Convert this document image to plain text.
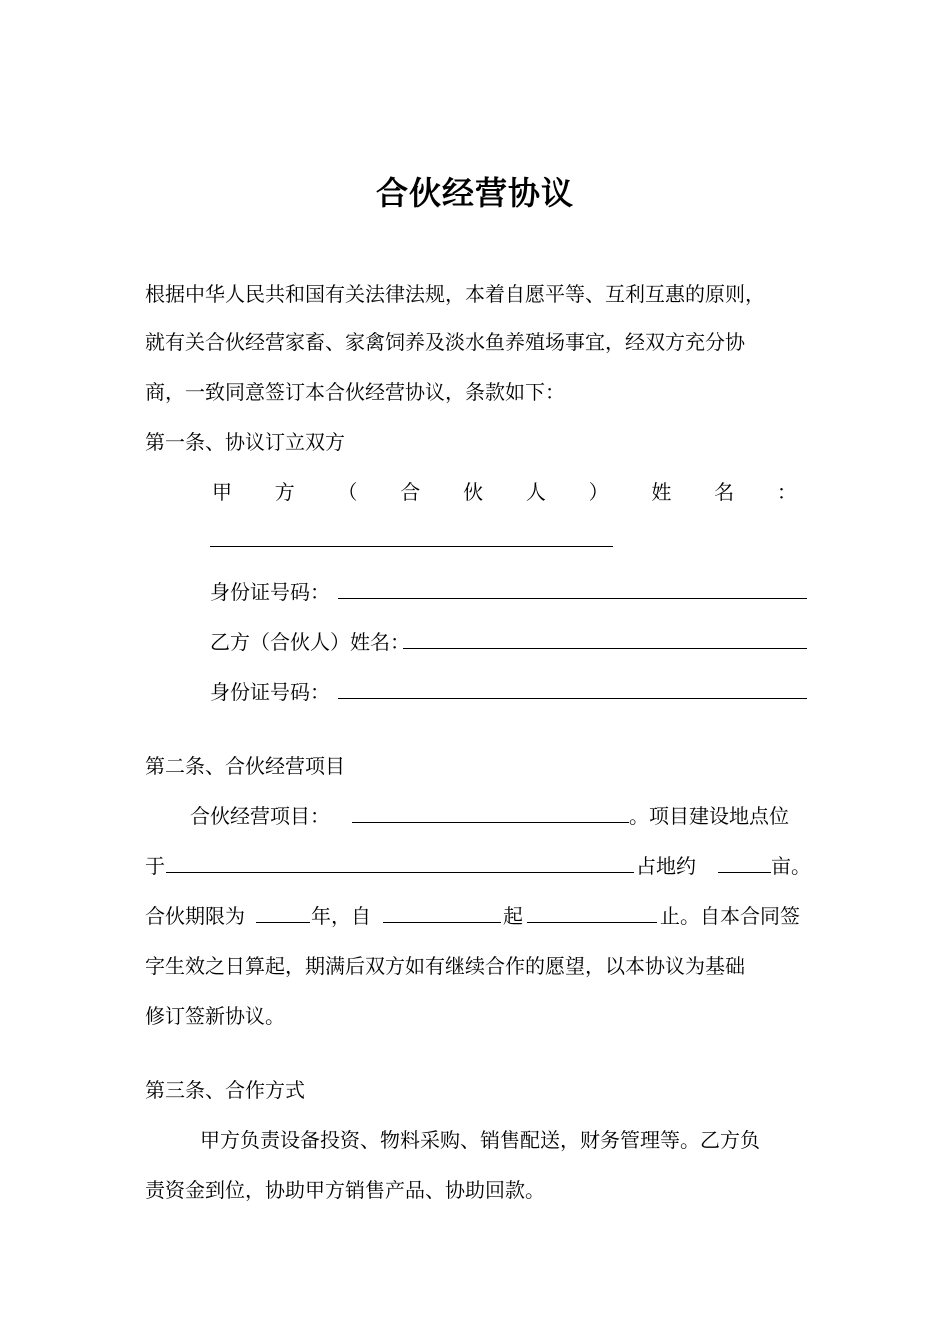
合伙经营协议
根据中华人民共和国有关法律法规，本着自愿平等、互利互惠的原则，
就有关合伙经营家畜、家禽饲养及淡水鱼养殖场事宜，经双方充分协
商，一致同意签订本合伙经营协议，条款如下：
第一条、协议订立双方
甲 方 （ 合 伙 人 ） 姓 名 ：
身份证号码：
乙方（合伙人）姓名：
身份证号码：
第二条、合伙经营项目
合伙经营项目：	。项目建设地点位
于	占地约	亩。
合伙期限为	年，自	起	止。自本合同签
字生效之日算起，期满后双方如有继续合作的愿望，以本协议为基础
修订签新协议。
第三条、合作方式
甲方负责设备投资、物料采购、销售配送，财务管理等。乙方负
责资金到位，协助甲方销售产品、协助回款。
